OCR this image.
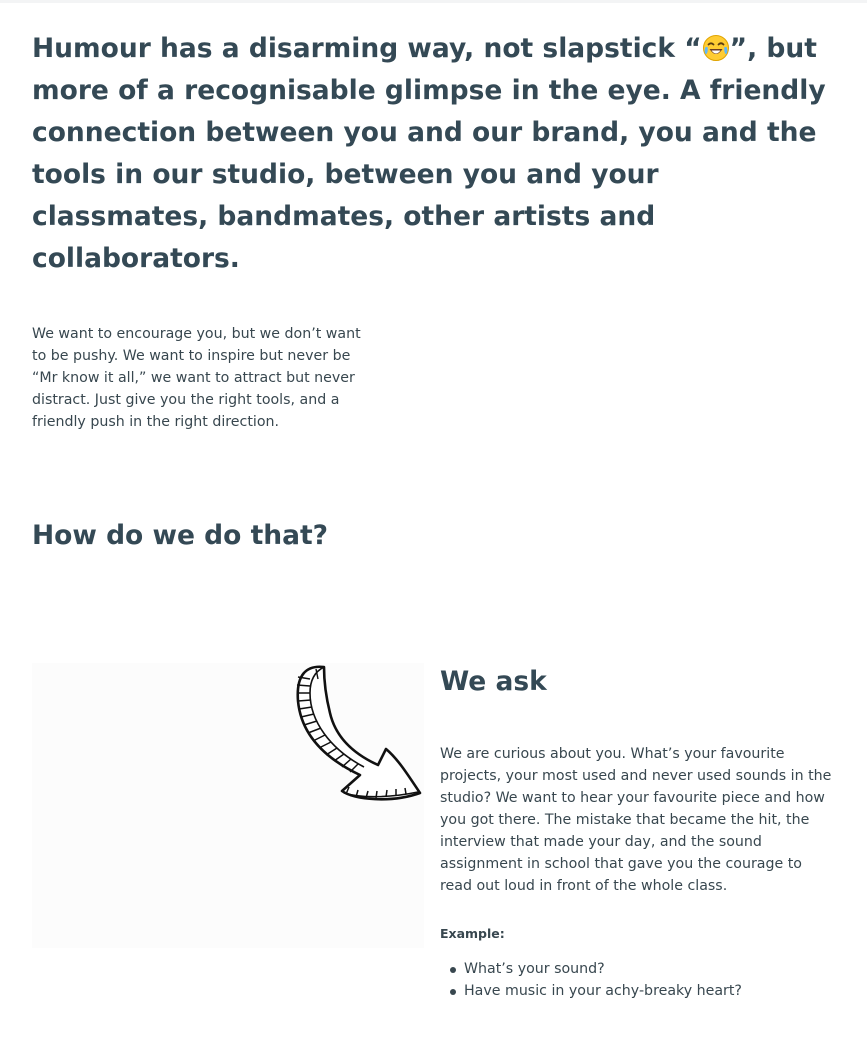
Humour has a disarming way, not slapstick “ ”, but more of a recognisable glimpse in the eye. A friendly connection between you and our brand, you and the tools in our studio, between you and your classmates, bandmates, other artists and collaborators.

We want to encourage you, but we don’t want to be pushy. We want to inspire but never be “Mr know it all,” we want to attract but never distract. Just give you the right tools, and a friendly push in the right direction.

How do we do that?
We ask

We are curious about you. What’s your favourite projects, your most used and never used sounds in the studio? We want to hear your favourite piece and how you got there. The mistake that became the hit, the interview that made your day, and the sound assignment in school that gave you the courage to read out loud in front of the whole class.

Example:

What’s your sound?
Have music in your achy-breaky heart?
